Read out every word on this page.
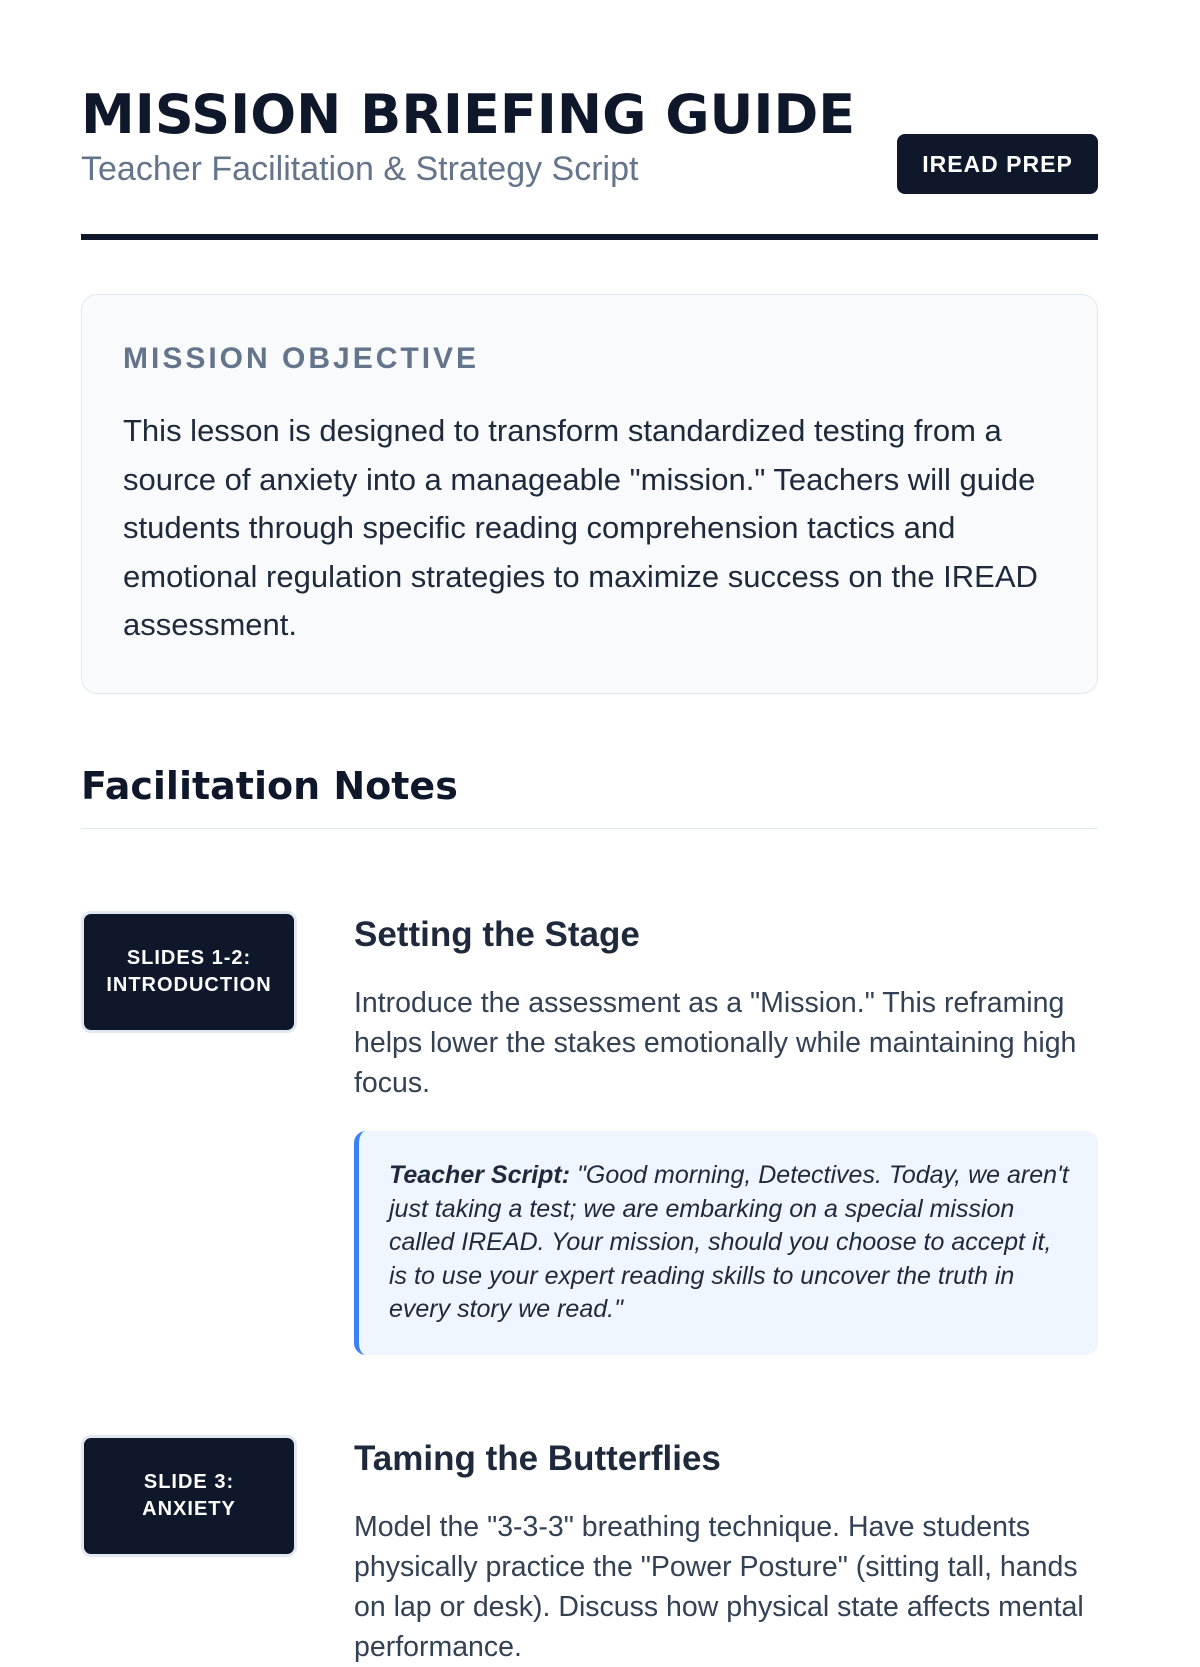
MISSION BRIEFING GUIDE
Teacher Facilitation & Strategy Script	IREAD PREP
MISSION OBJECTIVE

This lesson is designed to transform standardized testing from a source of anxiety into a manageable "mission." Teachers will guide students through specific reading comprehension tactics and emotional regulation strategies to maximize success on the IREAD assessment.

Facilitation Notes
SLIDES 1-2: INTRODUCTION
Setting the Stage

Introduce the assessment as a "Mission." This reframing helps lower the stakes emotionally while maintaining high focus.

Teacher Script: "Good morning, Detectives. Today, we aren't just taking a test; we are embarking on a special mission called IREAD. Your mission, should you choose to accept it, is to use your expert reading skills to uncover the truth in every story we read."
SLIDE 3: ANXIETY
Taming the Butterflies

Model the "3-3-3" breathing technique. Have students physically practice the "Power Posture" (sitting tall, hands on lap or desk). Discuss how physical state affects mental performance.
